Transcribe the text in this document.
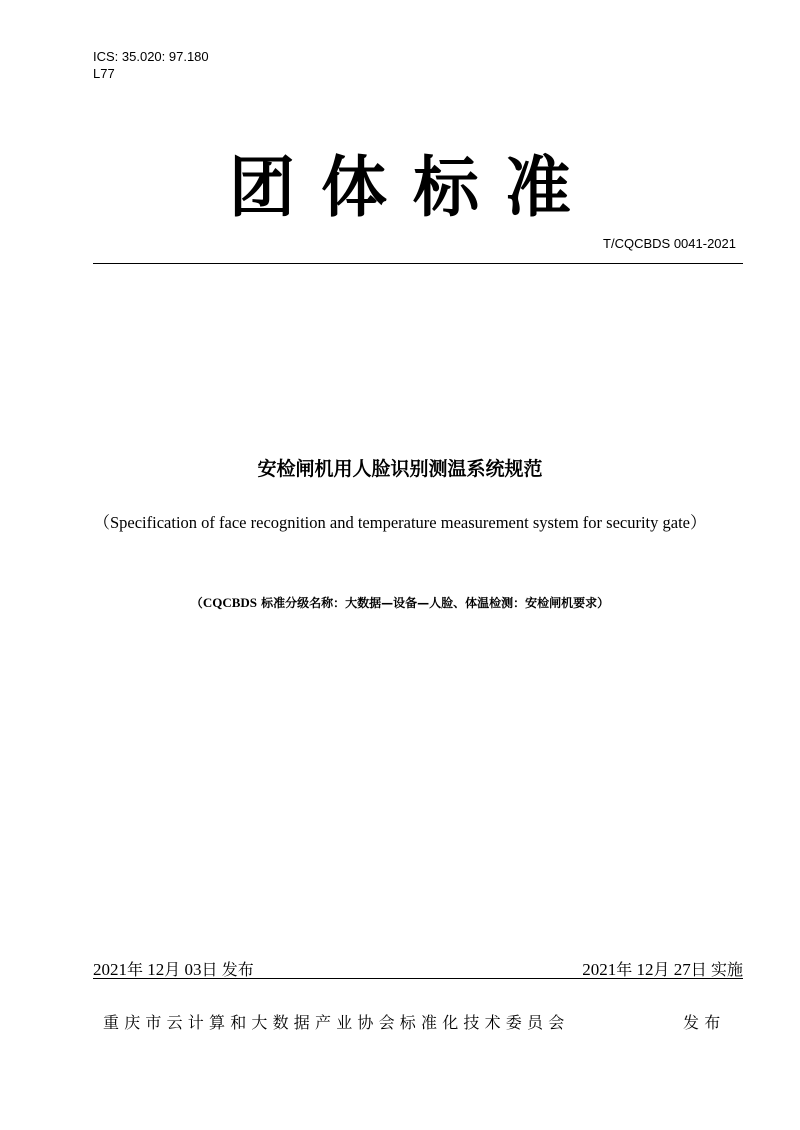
ICS: 35.020: 97.180
L77
团 体 标 准
T/CQCBDS 0041-2021
安检闸机用人脸识别测温系统规范
（Specification of face recognition and temperature measurement system for security gate）
（CQCBDS 标准分级名称：大数据—设备—人脸、体温检测：安检闸机要求）
2021年 12月 03日 发布	2021年 12月 27日 实施
重庆市云计算和大数据产业协会标准化技术委员会	发布
